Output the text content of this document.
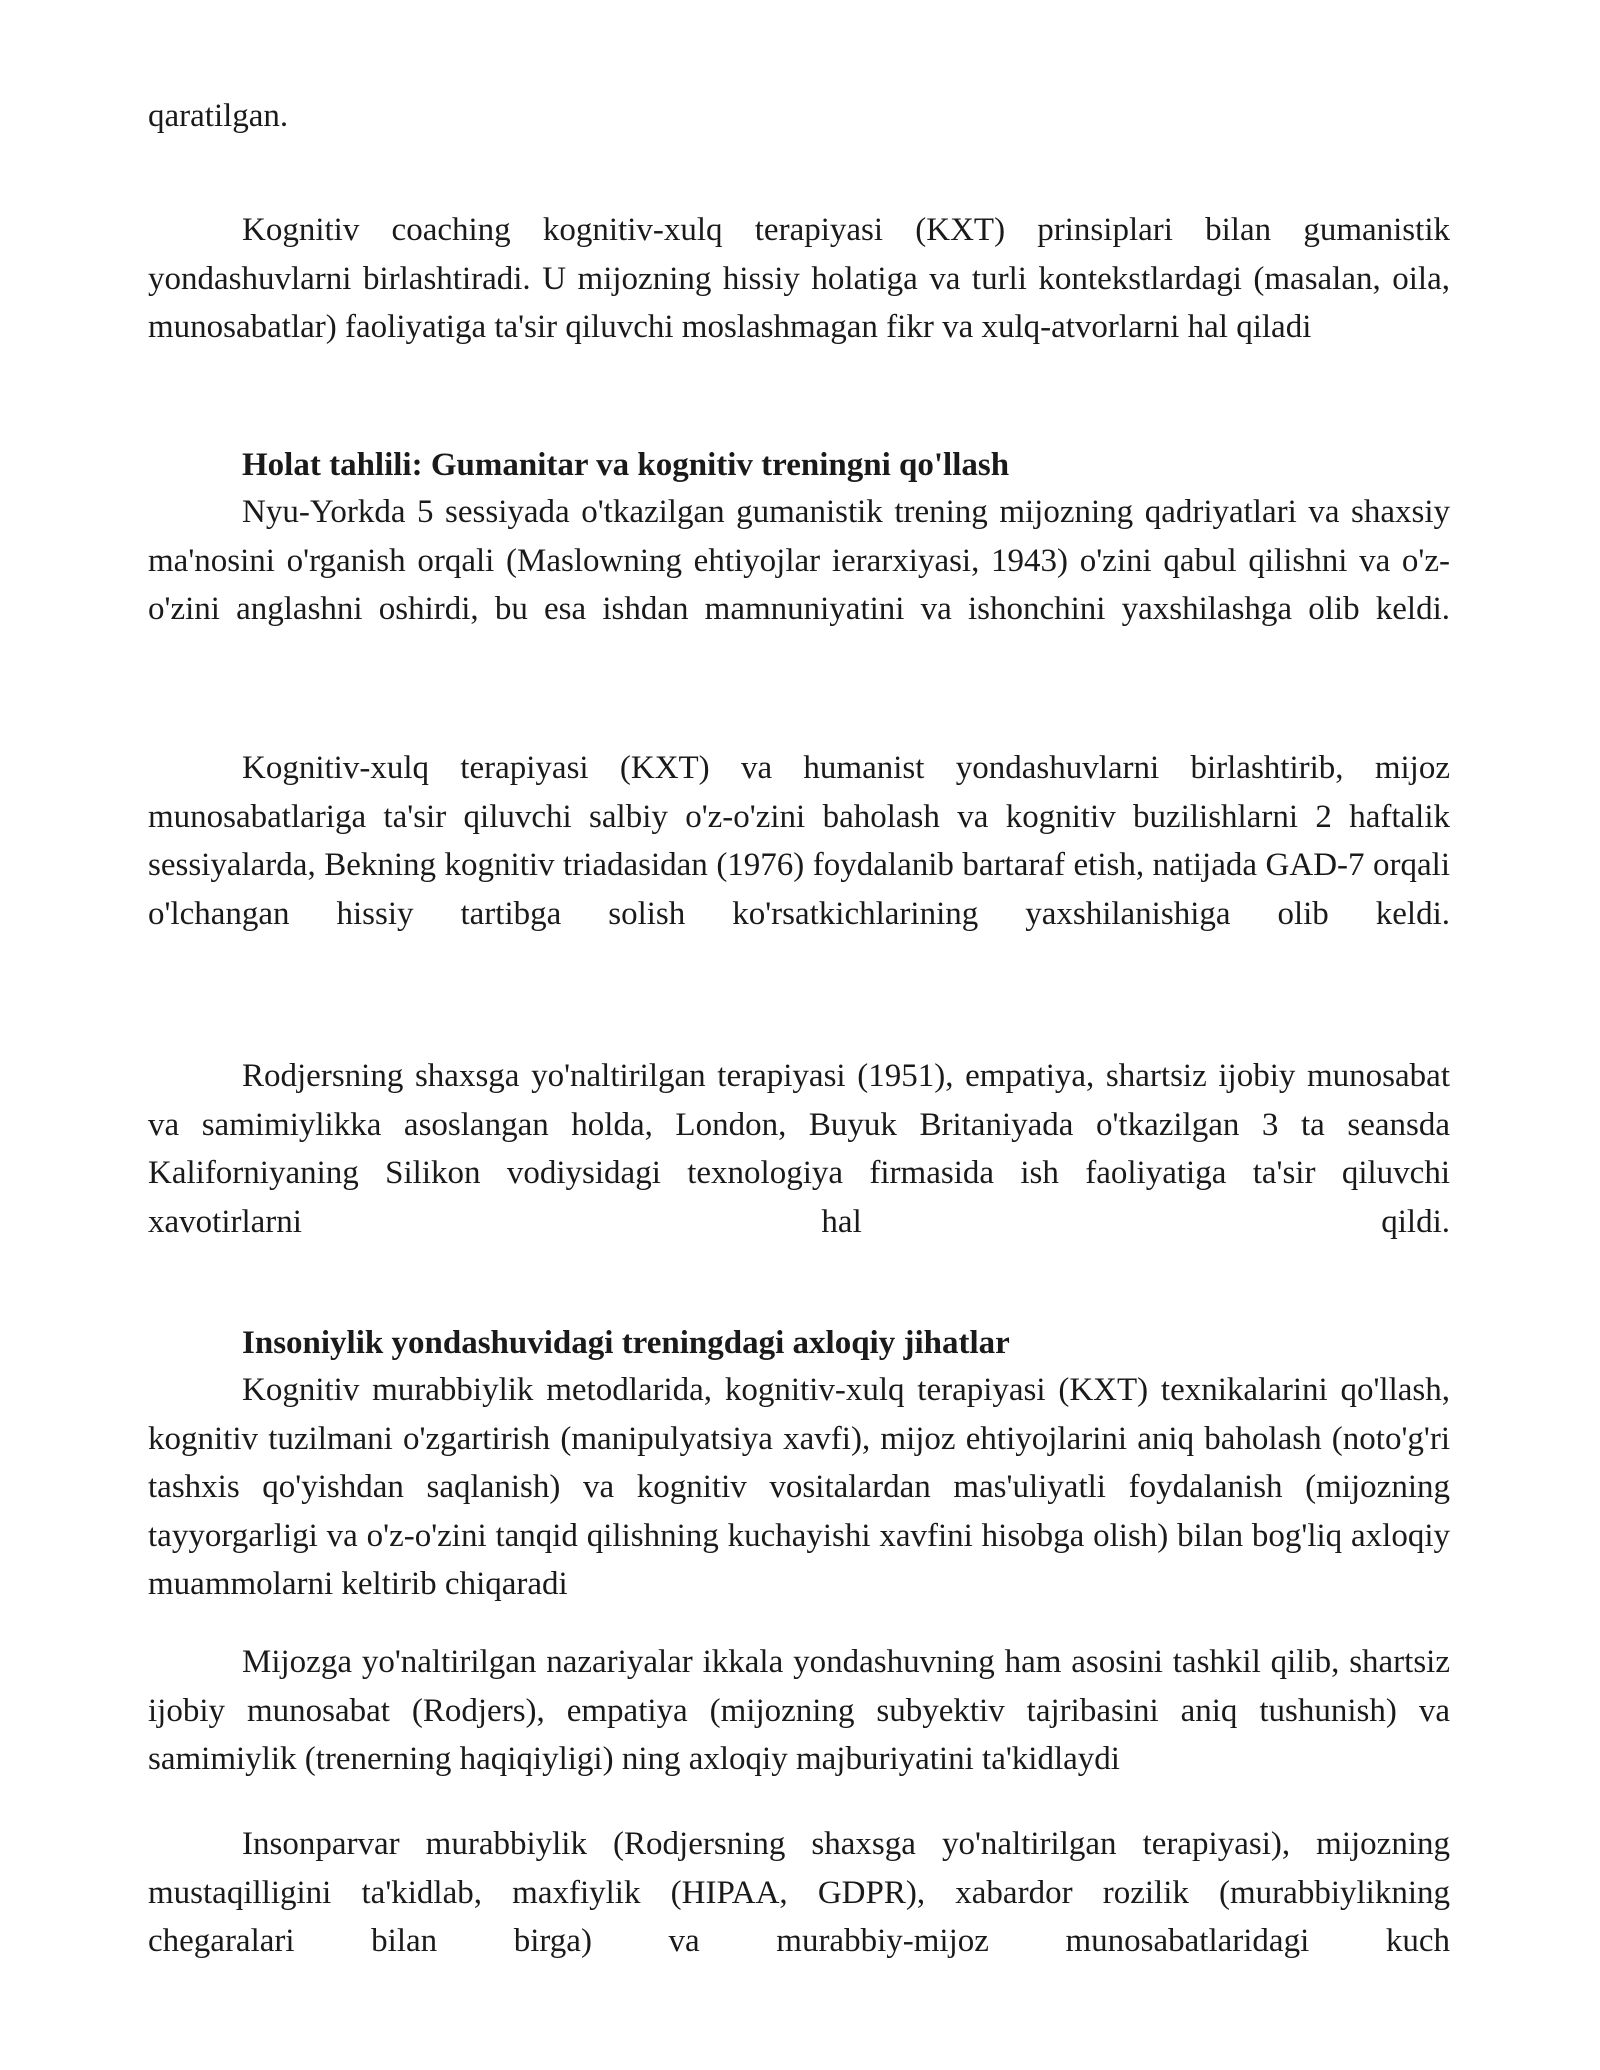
qaratilgan.

Kognitiv coaching kognitiv-xulq terapiyasi (KXT) prinsiplari bilan gumanistik yondashuvlarni birlashtiradi. U mijozning hissiy holatiga va turli kontekstlardagi (masalan, oila, munosabatlar) faoliyatiga ta'sir qiluvchi moslashmagan fikr va xulq-atvorlarni hal qiladi

Holat tahlili: Gumanitar va kognitiv treningni qo'llash

Nyu-Yorkda 5 sessiyada o'tkazilgan gumanistik trening mijozning qadriyatlari va shaxsiy ma'nosini o'rganish orqali (Maslowning ehtiyojlar ierarxiyasi, 1943) o'zini qabul qilishni va o'z-o'zini anglashni oshirdi, bu esa ishdan mamnuniyatini va ishonchini yaxshilashga olib keldi.

Kognitiv-xulq terapiyasi (KXT) va humanist yondashuvlarni birlashtirib, mijoz munosabatlariga ta'sir qiluvchi salbiy o'z-o'zini baholash va kognitiv buzilishlarni 2 haftalik sessiyalarda, Bekning kognitiv triadasidan (1976) foydalanib bartaraf etish, natijada GAD-7 orqali o'lchangan hissiy tartibga solish ko'rsatkichlarining yaxshilanishiga olib keldi.

Rodjersning shaxsga yo'naltirilgan terapiyasi (1951), empatiya, shartsiz ijobiy munosabat va samimiylikka asoslangan holda, London, Buyuk Britaniyada o'tkazilgan 3 ta seansda Kaliforniyaning Silikon vodiysidagi texnologiya firmasida ish faoliyatiga ta'sir qiluvchi xavotirlarni hal qildi.

Insoniylik yondashuvidagi treningdagi axloqiy jihatlar

Kognitiv murabbiylik metodlarida, kognitiv-xulq terapiyasi (KXT) texnikalarini qo'llash, kognitiv tuzilmani o'zgartirish (manipulyatsiya xavfi), mijoz ehtiyojlarini aniq baholash (noto'g'ri tashxis qo'yishdan saqlanish) va kognitiv vositalardan mas'uliyatli foydalanish (mijozning tayyorgarligi va o'z-o'zini tanqid qilishning kuchayishi xavfini hisobga olish) bilan bog'liq axloqiy muammolarni keltirib chiqaradi

Mijozga yo'naltirilgan nazariyalar ikkala yondashuvning ham asosini tashkil qilib, shartsiz ijobiy munosabat (Rodjers), empatiya (mijozning subyektiv tajribasini aniq tushunish) va samimiylik (trenerning haqiqiyligi) ning axloqiy majburiyatini ta'kidlaydi

Insonparvar murabbiylik (Rodjersning shaxsga yo'naltirilgan terapiyasi), mijozning mustaqilligini ta'kidlab, maxfiylik (HIPAA, GDPR), xabardor rozilik (murabbiylikning chegaralari bilan birga) va murabbiy-mijoz munosabatlaridagi kuch
